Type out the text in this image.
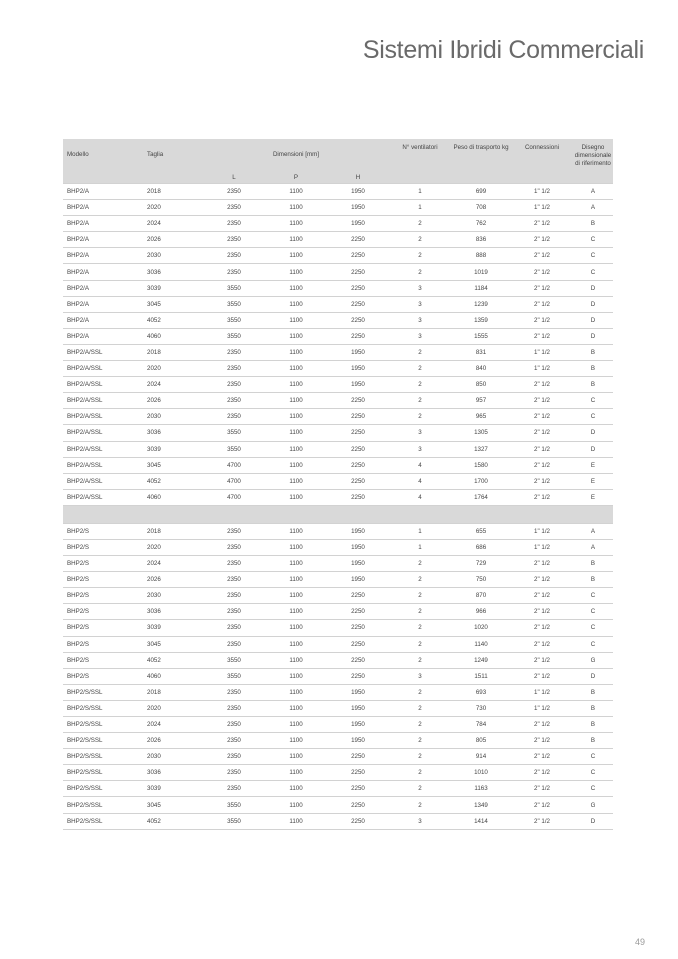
Sistemi Ibridi Commerciali
Modello	Taglia	Dimensioni [mm]			N° ventilatori	Peso di trasporto kg	Connessioni	Disegno dimensionale di riferimento
		L	P	H				
BHP2/A	2018	2350	1100	1950	1	699	1" 1/2	A
BHP2/A	2020	2350	1100	1950	1	708	1" 1/2	A
BHP2/A	2024	2350	1100	1950	2	762	2" 1/2	B
BHP2/A	2026	2350	1100	2250	2	836	2" 1/2	C
BHP2/A	2030	2350	1100	2250	2	888	2" 1/2	C
BHP2/A	3036	2350	1100	2250	2	1019	2" 1/2	C
BHP2/A	3039	3550	1100	2250	3	1184	2" 1/2	D
BHP2/A	3045	3550	1100	2250	3	1239	2" 1/2	D
BHP2/A	4052	3550	1100	2250	3	1359	2" 1/2	D
BHP2/A	4060	3550	1100	2250	3	1555	2" 1/2	D
BHP2/A/SSL	2018	2350	1100	1950	2	831	1" 1/2	B
BHP2/A/SSL	2020	2350	1100	1950	2	840	1" 1/2	B
BHP2/A/SSL	2024	2350	1100	1950	2	850	2" 1/2	B
BHP2/A/SSL	2026	2350	1100	2250	2	957	2" 1/2	C
BHP2/A/SSL	2030	2350	1100	2250	2	965	2" 1/2	C
BHP2/A/SSL	3036	3550	1100	2250	3	1305	2" 1/2	D
BHP2/A/SSL	3039	3550	1100	2250	3	1327	2" 1/2	D
BHP2/A/SSL	3045	4700	1100	2250	4	1580	2" 1/2	E
BHP2/A/SSL	4052	4700	1100	2250	4	1700	2" 1/2	E
BHP2/A/SSL	4060	4700	1100	2250	4	1764	2" 1/2	E

BHP2/S	2018	2350	1100	1950	1	655	1" 1/2	A
BHP2/S	2020	2350	1100	1950	1	686	1" 1/2	A
BHP2/S	2024	2350	1100	1950	2	729	2" 1/2	B
BHP2/S	2026	2350	1100	1950	2	750	2" 1/2	B
BHP2/S	2030	2350	1100	2250	2	870	2" 1/2	C
BHP2/S	3036	2350	1100	2250	2	966	2" 1/2	C
BHP2/S	3039	2350	1100	2250	2	1020	2" 1/2	C
BHP2/S	3045	2350	1100	2250	2	1140	2" 1/2	C
BHP2/S	4052	3550	1100	2250	2	1249	2" 1/2	G
BHP2/S	4060	3550	1100	2250	3	1511	2" 1/2	D
BHP2/S/SSL	2018	2350	1100	1950	2	693	1" 1/2	B
BHP2/S/SSL	2020	2350	1100	1950	2	730	1" 1/2	B
BHP2/S/SSL	2024	2350	1100	1950	2	784	2" 1/2	B
BHP2/S/SSL	2026	2350	1100	1950	2	805	2" 1/2	B
BHP2/S/SSL	2030	2350	1100	2250	2	914	2" 1/2	C
BHP2/S/SSL	3036	2350	1100	2250	2	1010	2" 1/2	C
BHP2/S/SSL	3039	2350	1100	2250	2	1163	2" 1/2	C
BHP2/S/SSL	3045	3550	1100	2250	2	1349	2" 1/2	G
BHP2/S/SSL	4052	3550	1100	2250	3	1414	2" 1/2	D
49
